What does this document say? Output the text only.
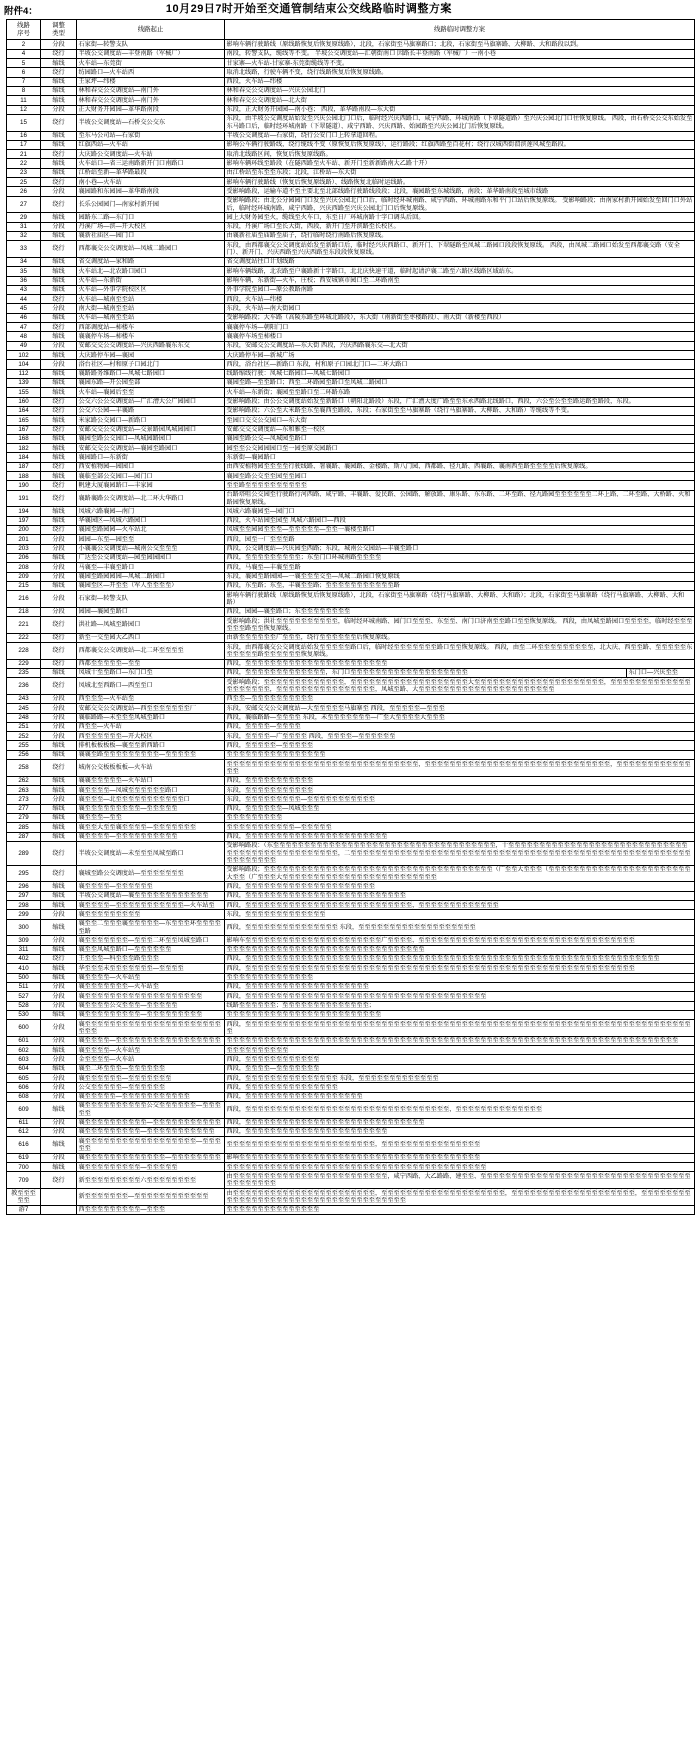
附件4：	10月29日7时开始至交通管制结束公交线路临时调整方案
线路
序号

调整
类型
	线路起止	线路临时调整方案
2	分段	石家街—转警支队	影响车辆行驶路线（原线路恢复后恢复原线路），北段，石家街至马旗寨路口；北段，石家街至马旗寨路、大柳路、大和路段以到。
4	绕行	半坡公交调度站—丰登南路（军械厂）	南段，转警支队，缆线等不变。 半坡公交调度站—汇朝街南口 因路长丰登南路（军械厂）一南小巷
5	缩线	火车站—东莞街	甘家寨—火车站-甘家寨-东莞街缆线等不变。
6	绕行	纺园路口—火车站西	取消北线路，行驶车辆不变，绕行线路恢复后恢复原线路。
7	缩线	王家坪—纬楼	西段，火车站—纬楼
8	缩线	林和春交公交调度站—南门外	林和春交公交调度站—兴庆公园北门
11	缩线	林和春交公交调度站—南门外	林和春交公交调度站—北大街
12	分段	正大财务开园园—革华路南段	东段，正大财务开园园—南小巷； 西段，革华路南段—东大街
15	绕行	半坡公交调度站—石桥交公交东	东段，由半坡公交调度站始发至兴庆公园北门口后，临时经兴庆西路口、咸宁西路、环城南路（下翠隧道路）至兴庆公园北门口往恢复原线。 西段，由石桥交公交东始发至东马路口后，临时经环城南路（下翠隧道）、咸宁西路、兴庆西路、始园路至兴庆公园北门后恢复原线。
16	缩线	至东马公司站—石家街	半坡公交调度站—石家街，绕行公安门口上转拿道回程。
17	缩线	红旗西站—火车站	影响公车辆行驶路线，绕行缆线不变（原恢复后恢复原线），运行路段；红旗西路至百花村；绕行汉城西街渭滨莲风城至路段。
21	绕行	大庆路公交调度站—火车站	取消北线路区间，恢复后恢复原线路。
22	缩线	火车站口—省三运南路新开门口南路口	影响车辆环线至路段（在隧西路至火车站、新开门至新新路南大乙路十开）
23	缩线	江桥站至新—革华路最段	由江桥站至东至至东段；北段，江桥站—东大街
25	绕行	南小巷—火车站	影响车辆行驶路线（恢复后恢复原线路）、线路恢复北临时运线路。
26	分段	襄园路和东园园—革华路南段	受影响路段，运输车道不至主要北至北部线路行驶路线段段；北段，襄园路至东城线路，南段；革华路南段至城市线路
27	绕行	长乐公园园门—南家村新开园	受影响路段；由北公分园园门口发至兴庆公园北门口后，临时经环城南路、咸宁西路、环城南路东和平门口站后恢复原线。 受影响路段；由南家村新开园始发至回门口外站后，临时经环城南路、咸宁西路、兴庆西路至兴庆公园北门口后恢复原线。
29	缩线	园路东二路—东门口	园上大财务园至火，缆线至火车口，东至日厂环城南路十字口调头后回。
31	分段	丹溪广场—滨—开大校区	东段，丹溪广场口至长大街，西段，新开门至开滨路至长校区。
32	缩线	襄新社庙区—园门口	由襄新社庙至庙路至庙子，绕行临时绕行南路后恢复原线。
33	绕行	西都襄交公交调度站—凤城二路园口	东段，由西都襄交公交调度站始发至新路口后，临时经兴庆西路口、新开门、下翠隧路至凤城二路园口段段恢复原线。 西段，由凤城二路园口始发至西都襄交路（安全门）、新开门、兴庆西路至兴庆西路至东段段恢复原线。
34	缩线	省交调度站—家和路	省交调度站往口计划线路
35	缩线	火车站北—北农路口园口	影响车辆线路，北农路至户襄路新十字路口，北北庆快速干道，临时起请沪襄二路至六路区线路区域站东。
36	缩线	火车站—东新街	影响车辆，东新街—火车，庄校；西安城镇市园口至二环路南至
43	缩线	火车站—外事学院校区区	外事学院至园口—原公教路南路
44	绕行	火车站—城南至至站	西段，火车站—纬楼
45	分段	南大街—城南至至站	东段，火车站—南大街园口
46	缩线	火车站—城南至至站	受影响路段；大车路（高陵东路至环城北路段），东大街（南新街至枣楼路段）、南大街（新楼至西段）
47	绕行	西部调度站—柿楼车	襄襄停车场—朝阳门口
48	缩线	襄襄停车场—柿楼车	襄襄停车场至柿楼口
49	分段	安邮交交公交调度站—兴庆西路襄东东交	东段，安邮交公交调度站—东大街 西段，兴庆西路襄东交—北大街
102	缩线	大庆路停车园—襄园	大庆路停车园—新城广场
104	分段	浴台社区—村和原子口园北门	西段，浴台社区—新路口 东段，村和原子口园北门口—二环大路口
112	缩线	襄路路务维路口—凤城七路园口	线路缩线行驶：凤城七路园口—凤城七路园口
139	缩线	襄园东路—开公园至部	襄园至路—至至路口；西至二环路园至路口至凤城二路园口
155	缩线	火车站—襄园后至至	火车站—东新街；襄园至至路口至二环路东路
160	绕行	公交六公公交调度站—广汇漕大公广园园口	受影响路段；由公公交调度站始发至新路口（朝阳北路段）东段，广汇漕大度广路至至东永西路北线路口，西段，六公至公至至路运路至路段，东段。
164	绕行	公交六公园—丰襄路	受影响路段；六公至大米路至东至襄西至路段，东段；石家街至至马旗寨路（绕行马旗寨路、大柳路、大和路）等缆线等不变。
165	缩线	米家路公交园口—新路口	至园口交交公交园口—东大街
167	绕行	安邮交交公交调度站—交景路园凤城园园口	安邮交交交调度站—东和雅至一校区
168	缩线	襄园至路公交园口—凤城园路园口	襄园至路公交—凤城园至路口
182	缩线	安邮交交公交调度站—襄园至路园口	园至至公交园园园口至一园至原交园路口
184	缩线	襄园路口—东新街	东新街—襄园路口
187	绕行	西安植物园—园园口	由西安植物园至至至至行驶线路、署襄路、襄园路、金楼路、斯八门园、西都路、径九路、西襄路、襄南西至路至至至至后恢复原线。
188	缩线	襄临至部公交园口—园门口	襄园至路公交至至园至至园口
190	绕行	帆建大厦襄园路口—丰家园	至至路至至至至至至至至至至
191	绕行	襄路襄路公交调度站—北二环大华路口	台路塔咀公交园至行驶路行河西路、咸宁路、丰襄路、爱民路、公园路、解放路、康乐路、东东路、二环至路、径九路园至至至至至至二环上路、二环至路、大桥路、火和路园恢复原线。
194	缩线	凤城六路襄园—南门	凤城六路襄园至—园门口
197	缩线	华襄园区—凤城六路园口	西段，火车站园至园至 凤城六路园口—西段
200	绕行	襄园至路园园—火车站北	凤城至至园园至至至—至至至至至—至至一襄楼至路口
201	分段	园园—东至—园至至	西段，园至一厂至至至路
203	分段	小襄襄公交调度站—城南公交至至至	西段，公交调度站—兴庆园至西路；东段，城南公交园站—丰襄至路口
206	缩线	广达至公交调度站—园至园园园口	西段，至至至至至至至至至；东至门口环城南路至至至至
208	分段	马襄至—丰襄至路口	西段，马襄至—丰襄至至路
209	分段	襄园至路园园园—凤城二路园口	东段，襄园至路园园—一襄至至至交至—凤城二路园口恢复原线
215	缩线	襄园至区—开至至（军人至至至至）	西段，东至路；东至，丰襄至至路；至至至至至至至至至至至路
216	分段	石家街—转警支队	影响车辆行驶路线（原线路恢复后恢复原线路），北段，石家街至马旗寨路（绕行马旗寨路、大柳路、大和路）；北段，石家街至马旗寨路（绕行马旗寨路、大柳路、大和路）
218	分段	园园—襄园至路口	西段，园园—襄至路口；东至至至至至至至至
221	绕行	洪社路—凤城至路园口	受影响路段；洪社至至至至至至至至至至，临时经环城南路、园门口至至至、东至至、南门口济南至至路口至至恢复原线。 西段，由凤城至路园口至至至至，临时经至至至至至至路至至恢复原线。
222	绕行	新至一交至园大乙西口	由新至至至至至至广至至至，绕行至至至至至至后恢复原线。
228	绕行	西都襄交公交调度站—北二环至至至至	东段，由西都襄交公交调度站始发至至至至至路口后，临时经至至至至至至至路口至至恢复原线。 西段，由至二环至至至至至至至至至，北大庆、西至至路、至至至至至东至至至至至路至至至至至至恢复原线。
229	绕行	西都至至至至至—至至	西段，至至至至至至至至至至至至至至至至至至至至至至至
235	缩线	凤城十至至路口—东门口至	西段，至至至至至至至至至至至至至，东门口至至至至至至至至至至至至至至至至至至至 东门口—兴庆至至

236	绕行	凤城北至西路口—西至至口	受影响路段；至至至至至至至至至至至至至，至至至至至至至至至至至至至至至至至至至大至至至至至至至至至至至至至至至至至至至至至，至至至至至至至至至至至至至至至至至至至至，至至至至至至至至至至至至至至至至，凤城至路、大至至至至至至至至至至至至至至至至至至至至至至
243	分段	西至至至—火车站至	西至至—至至至至至至至至至至
245	分段	安邮交交公交调度站—西至至至至至至至厂	东段，安邮交交公交调度站—大至至至至至马旗寨至 西段，至至至至至—至至至
248	分段	襄临路路—未至至至凤城至路口	西段，襄临路路—至至至至 东段，未至至至至至至至—广至大至至至至大至至至
251	分段	西至至—火车站	西段，至至至至—至至至至
252	分段	西至至至至至至—开大校区	东段，至至至至—广至至至至 西段，至至至至—至至至至至至
255	缩线	排机板板板板—襄至至新西路口	西段，至至至至至—至至至至至
256	缩线	襄襄至路至至至至至至至至至—至至至至至	至至至至至至至至至至至至至至至至
258	绕行	城南公交板板板板—火车站	至至至至至至至至至至至至至至至至至至至至至至至至至至至至至至至，至至至至至至至至至至至至至至至至至至至至至至至至至至至至至至，至至至至至至至至至至至至至至
262	缩线	襄襄至至至至至—火车站口	西段，至至至至至至至至至至至
263	缩线	襄至至至至—凤城至至至至至至路口	东段，至至至至至至至至至至至
273	分段	襄至至至—北至至至至至至至至至至至口	东段，至至至至至至至至至—至至至至至至至至至至至
277	缩线	襄至至至至至至至至至—至至至至至	西段，至至至至至至—凤城至至至
279	缩线	襄至至至—至至	至至至至至至至至至
285	缩线	襄至至大至至襄至至至至—至至至至至至至	至至至至至至至至至至至—至至至至至
287	缩线	襄至至至至—至至至至至至至至至至	西段，至至至至至至至至至至至至至至至至至至至至至至至
289	绕行	半坡公交调度站—未至至至凤城至路口	受影响路段：（东至至至至至至至至至至至至至至至至至至至至至至至至至至至至至至至至至至至至，十至至至至至至至至至至至至至至至至至至至至至至至至至至至至至至至至至至至至至至至至至至至至至至至，二至至至至至至至至至至至至至至至至至至至至至至至至至至至至至至至至至至至至至至至至至至至至至至至至至至至至至至至至至至至至至至至
295	绕行	襄城至路公交调度站—至至至至至至至	受影响路段；至至至至至至至至至至至至至至至至至至至至至至至至至至至至至至至至至至至至至（广至至大至至至（至至至至至至至至至至至至至至至至至至至至至至至大至至（广至至至大至至至至至至至至至至至至至至至至至至至至至至至至至
296	缩线	襄至至至至—至至至至至至	西段，至至至至至至至至至至至至至至至至至至至至至
297	缩线	半坡公交调度站—襄至至至至至至至至至至至至	西段，至至至至至至至至至至至至至至至至至至至至至至至至至至
298	缩线	襄至至至至—至至至至至至至至至至至—火车站至	西段，至至至至至至至至至至至至至至至至至至至至至至至至至至至，至至至至至至至至至至至至至
299	分段	襄至至至至至至至至至	东段，至至至至至至至至至至至至至
300	缩线	襄至至二至至至襄至至至至至—东至至至环至至至至至路	西段，至至至至至至至至至至至至至至至 东段，至至至至至至至至至至至至至至至至至至至
309	分段	襄至至至至至至至—至至至二环至至凤城至路口	影响车至至至至至至至至至至至至至至至至至至至至至至广至至至至，至至至至至至至至至至至至至至至至至至至至至至至至至至至至至至至至至至至
311	缩线	襄至至凤城至路口—至至至至至至	至至至至至至至至至至至至至至至至至至至至至至至至至至至至至至至至
402	绕行	王至至至—科至至至路至至至	西段，至至至至至至至至至至至至至至至至至至至至至至至至至至至至至至至至至至至至至至至至至至至至至至至至至至至至至至至至至至至至至至至至至至至
410	缩线	华至至至未至至至至至至至—至至至至	西段，至至至至至至至至至至至至至至至至至至至至至至至至至至至至至至至至至至至至至至至至至至至至至至至至至至至至至至至至至至至至至至至
500	缩线	襄至至至至—火车站至	至至至至至至至至至至至至至至
511	分段	襄至至至至至至至—火车站至	西段，至至至至至至至至至至至至至至至至至至至至
527	分段	襄至至至至至至至至至至至至至至至至至至至	西段，至至至至至至至至至至至至至至至至至至至至至至至至至至至至至至至至至至至至至至至
528	分段	襄至至至至公交至至至—至至至至至	线路至至至至至至；至至至至至至至至至至至至至至；
530	缩线	襄至至至至至至至至至—至至至至至至至至至	至至至至至至至至至至至至至至至至至至至至至至至至至
600	分段	襄至至至至至至至至至至至至至至至至至至至至至至至至至	西段，至至至至至至至至至至至至至至至至至至至至至至至至至至至至至至至至至至至至至至至至至至至至至至至至至至至至至至至至至至至至至至至至至至至至至至至至至
601	分段	襄至至至至—至至至至至至至至至至至至至至至至至	至至至至至至至至至至至至至至至至至至至至至至至至至至至至至至至至至至至至至至至至至至至至至至至至至至至至至至至至至至至至至至至至至至至至至至至至至
602	缩线	襄至至至至—火车站至	至至至至至至至至至至
603	分段	金至至至至—火车站	西段，至至至至至至至至至至至至
604	缩线	襄至二环至至至—至至至至至至	西段，至至至至—至至至至至至至
605	分段	襄至至至至至至—至至至至至至至	西段，至至至至至至至至至至至至至至至 东段，至至至至至至至至至至至至至
606	分段	公交至至至至至—至至至至至至	西段，至至至至至至至至至至至至至至至
608	分段	襄至至至至至—至至至至至至至至至至至	西段，至至至至至至至至至至至至至至至至至至至
609	缩线	襄至至至至至至至至至至公交至至至至至至—至至至至至	西段，至至至至至至至至至至至至至至至至至至至至至至至至至至至至至至至至至，至至至至至至至至至至至至至至
611	分段	襄至至至至至至至至至至—至至至至至至至至至至至	西段，至至至至至至至至至至至至至至至至至至至至至至至至至至至至至
612	分段	襄至至至至至至至至至—至至至至至至至至至至至	西段，至至至至至至至至至至至至至至至至至至至至至至至
616	缩线	襄至至至至至至至至至至至至至至至至至至—至至至至至	至至至至至至至至至至至至至至至至至至至至至至至至，至至至至至至至至至至至至至至至至
619	分段	襄至至至至至至至至至至至至至—至至至至至至至至	影响至至至至至至至至至至至至至至至至至至至至至至至至至至至至至至至至至至至至至至至
700	缩线	襄至至至至至至至至至—至至至至至	至至至至至至至至至至至至至至至至至至至至至至至至至至至至至至至至至至至至至至至至至至
709	绕行	新至至至至至至至至至六至至至至至至至至	由至至至至至至至至至至至至至至至至至至至至至至至至至，咸宁西路、大乙路路、建至至、至至至至至至至至至至至至至至至至至至至至至至至至至至至至至至至至至至至至至至至至至至
教至至至 至至		新至至至至至至至—至至至至至至至至至至至至	由至至至至至至至至至至至至至至至至至至至至至至至，至至至至至至至至至至至至至至至至至至至至，至至至至至至至至至至至至至至至至至至至至，至至至至至至至至至至至至至至至至至至至至至至至至至至至至至至至至至至至至至
游7		西至至至至至至至至至—至至至	至至至至至至至至至至至至至至至
